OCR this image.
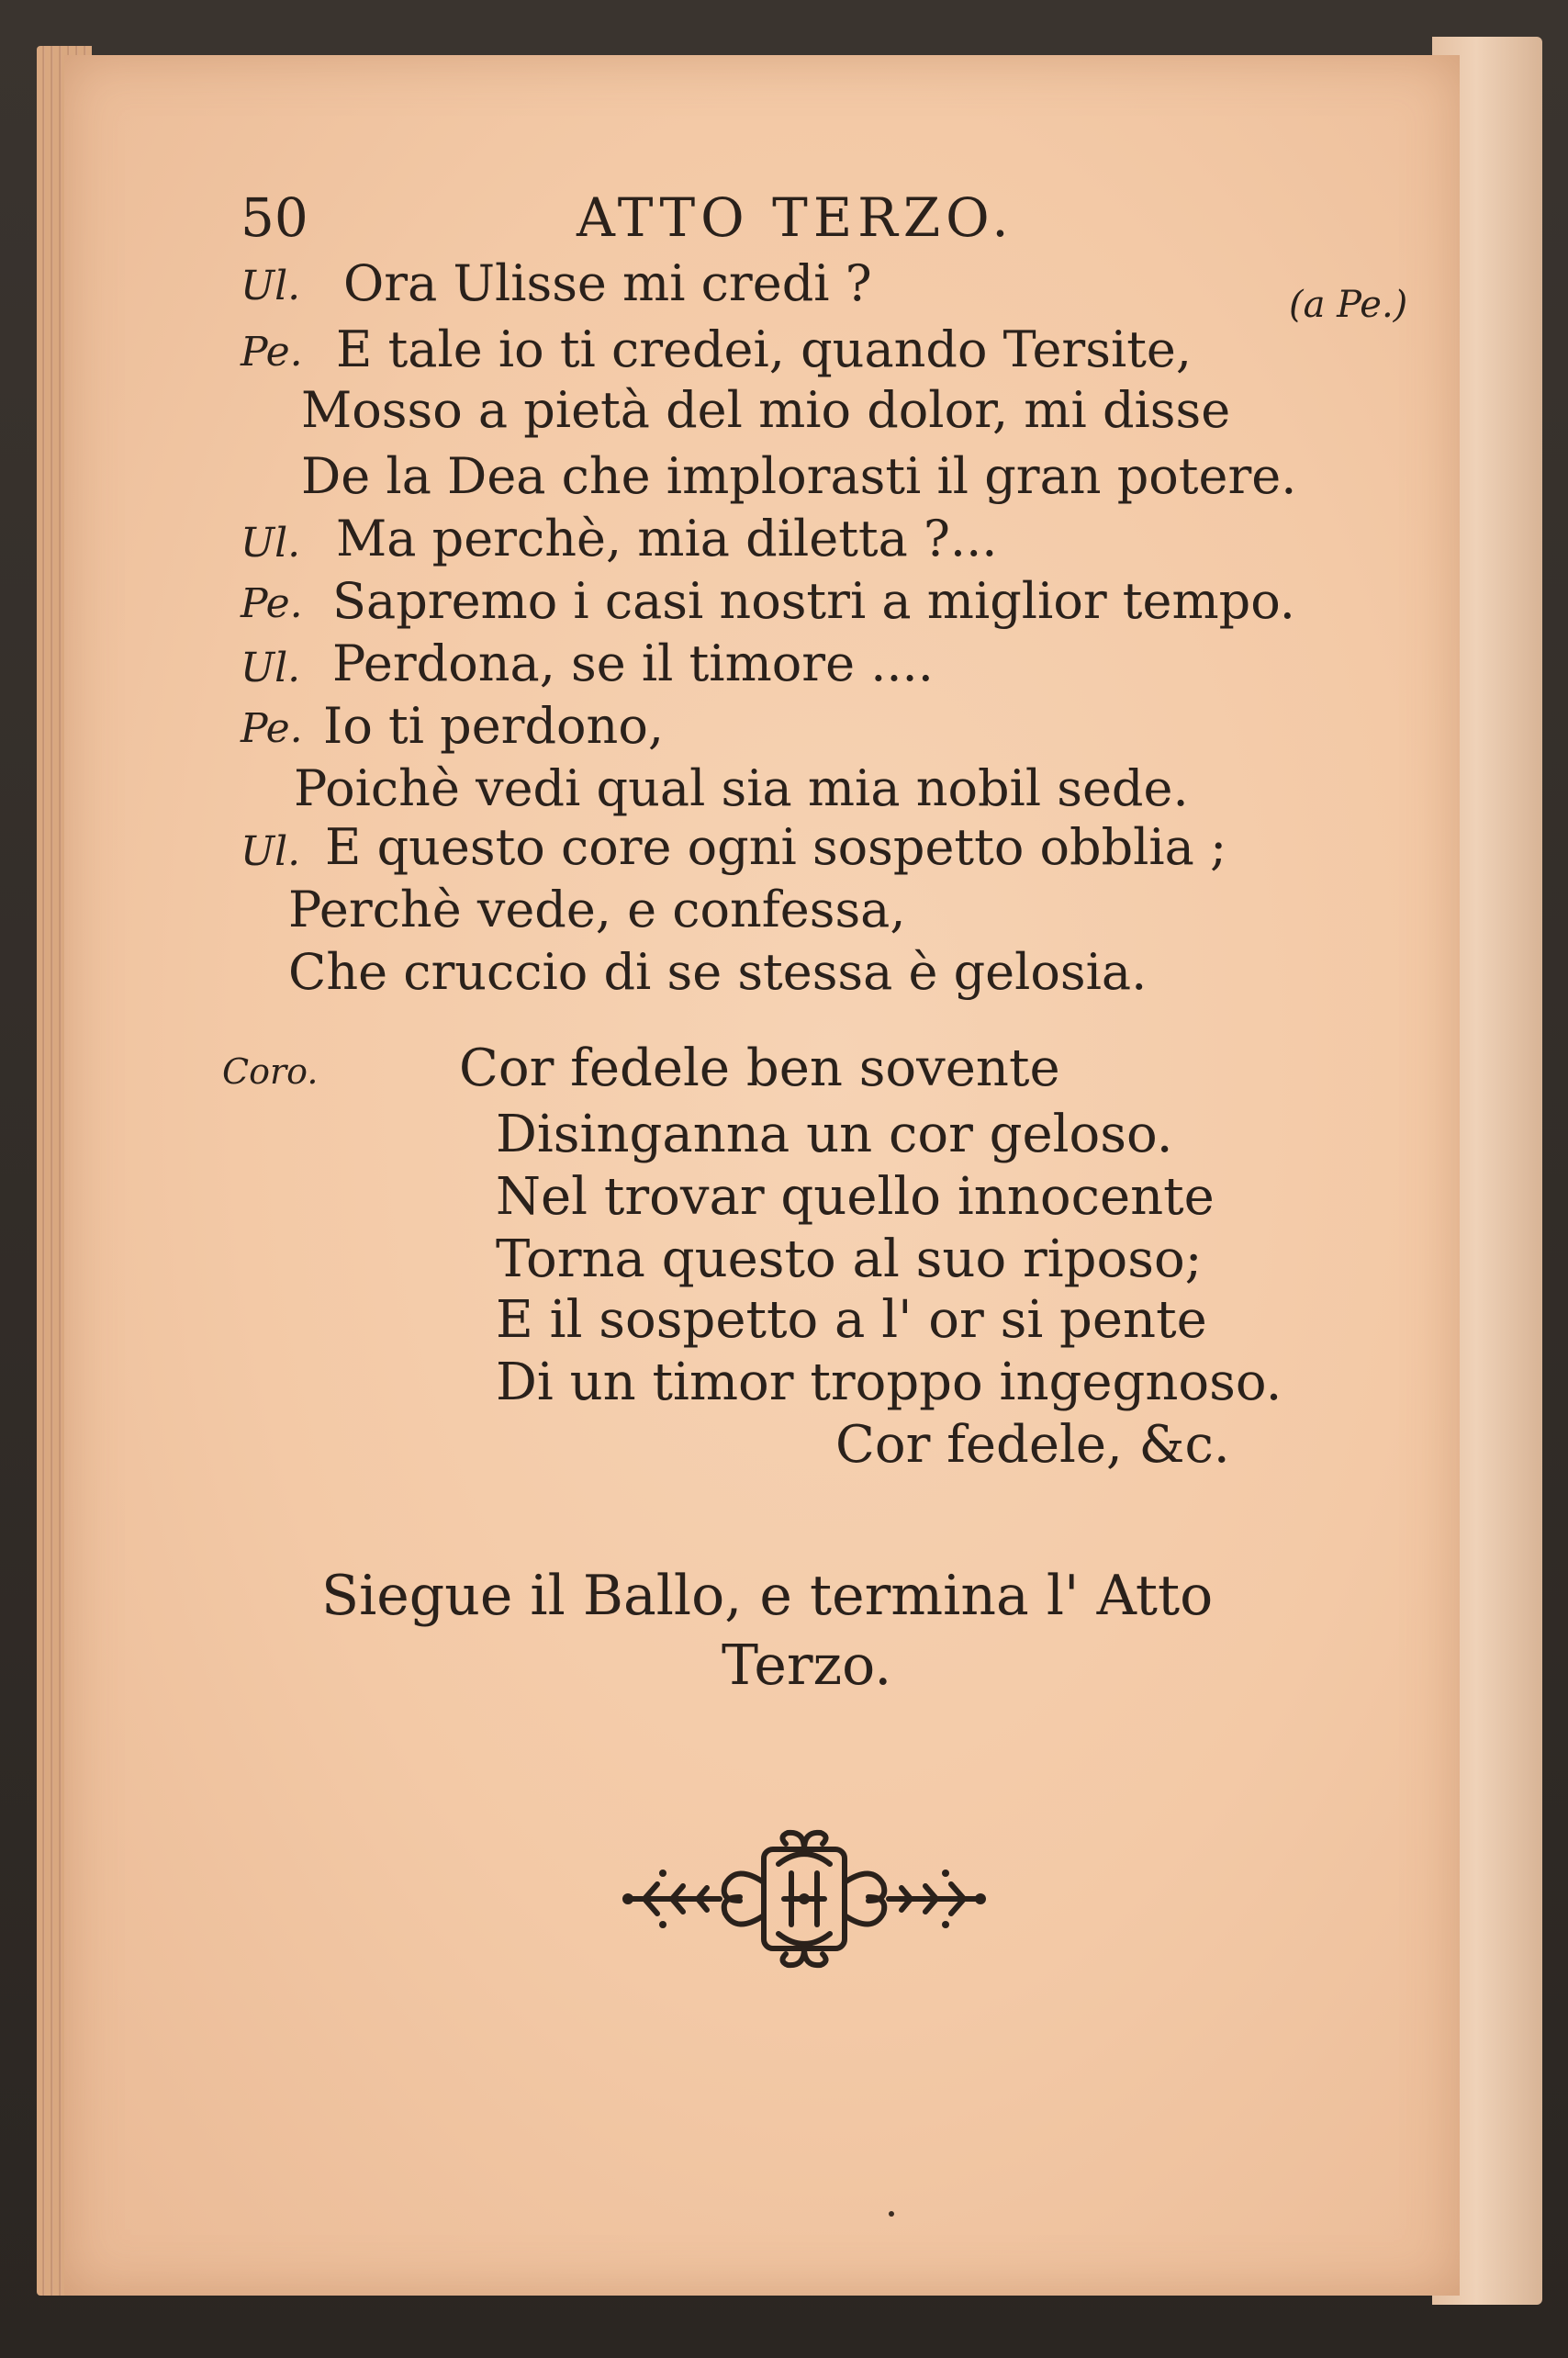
50	ATTO TERZO.
(a Pe.)
Ul. Ora Ulisse mi credi ?
Pe. E tale io ti credei, quando Tersite,
Mosso a pietà del mio dolor, mi disse
De la Dea che implorasti il gran potere.
Ul. Ma perchè, mia diletta ?...
Pe. Sapremo i casi nostri a miglior tempo.
Ul. Perdona, se il timore ....
Pe. Io ti perdono,
Poichè vedi qual sia mia nobil sede.
Ul. E questo core ogni sospetto obblia ;
Perchè vede, e confessa,
Che cruccio di se stessa è gelosia.
Coro.	Cor fedele ben sovente
Disinganna un cor geloso.
Nel trovar quello innocente
Torna questo al suo riposo;
E il sospetto a l' or si pente
Di un timor troppo ingegnoso.
Cor fedele, &c.
Siegue il Ballo, e termina l' Atto
Terzo.
